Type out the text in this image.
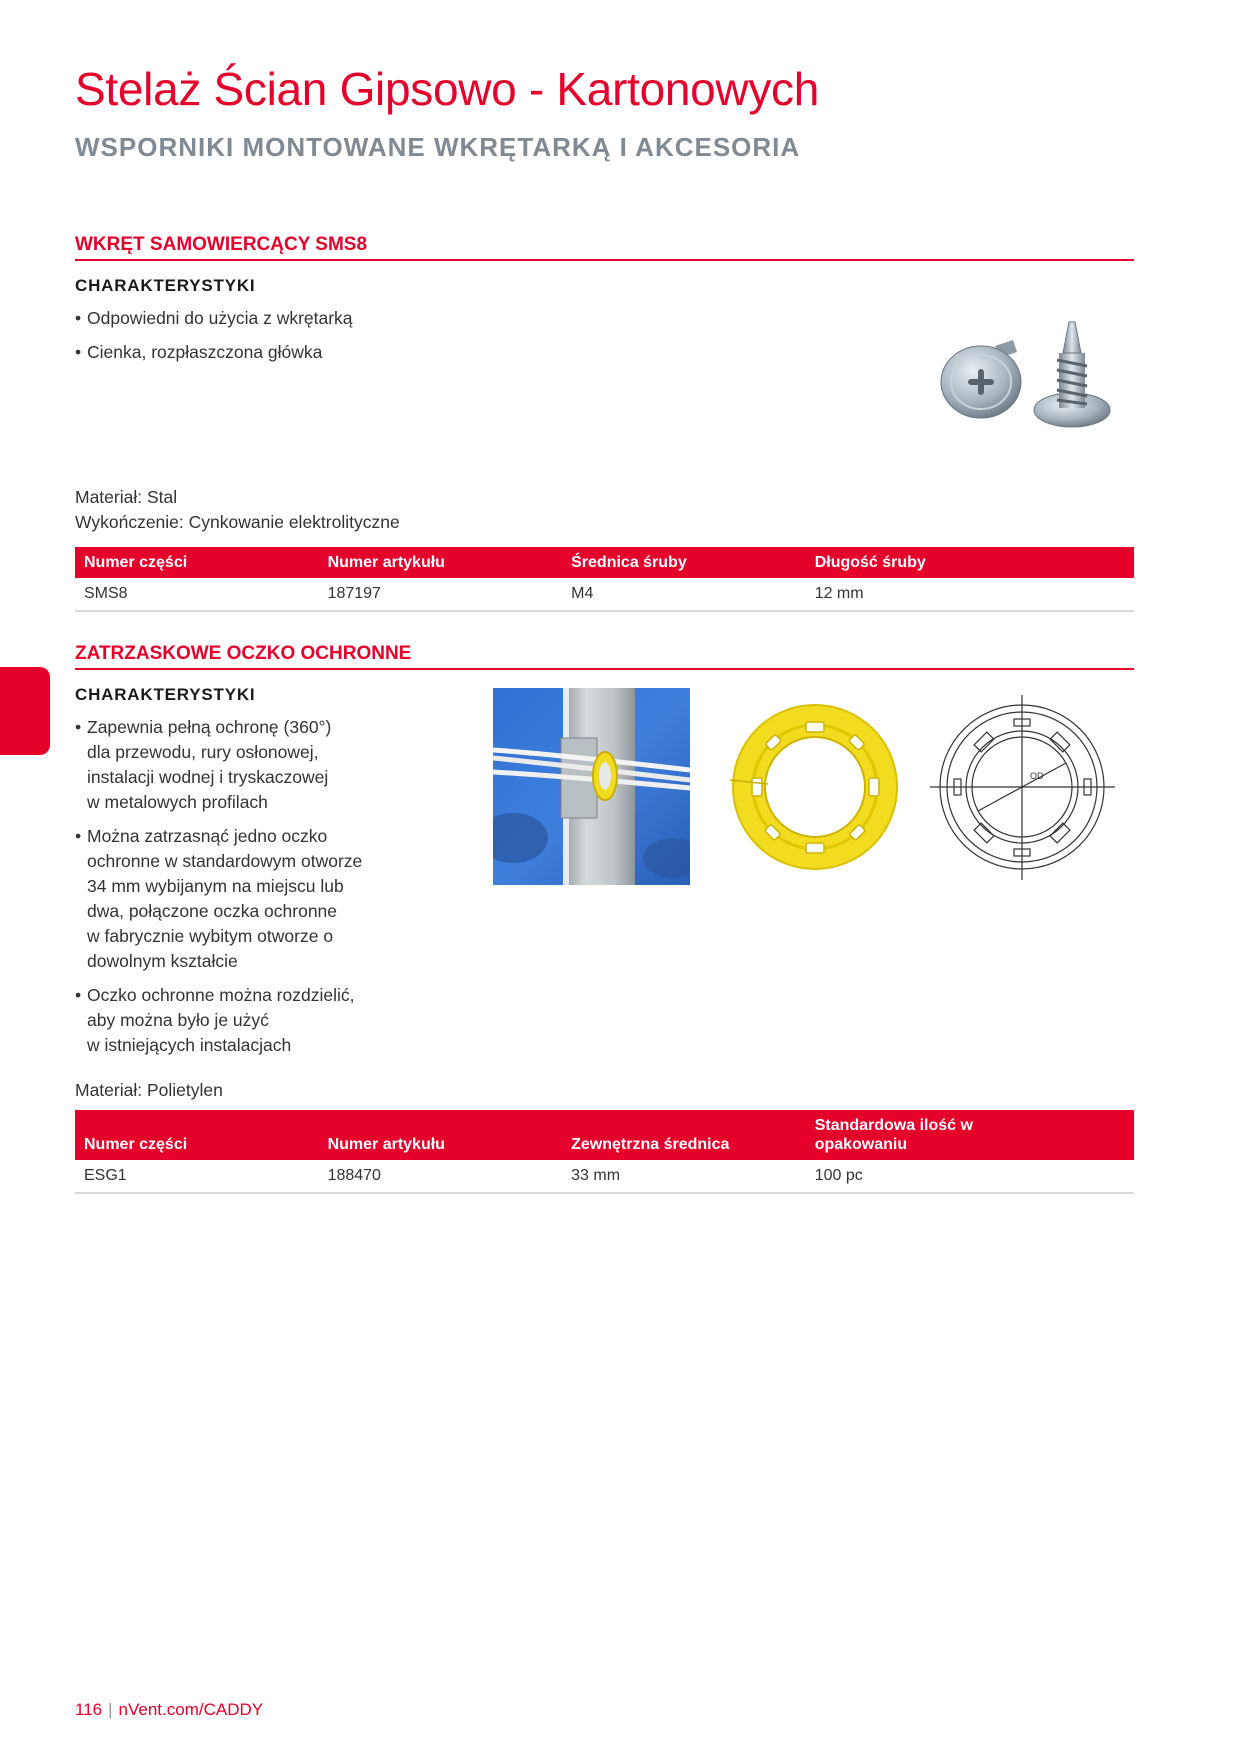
Stelaż Ścian Gipsowo - Kartonowych
WSPORNIKI MONTOWANE WKRĘTARKĄ I AKCESORIA
WKRĘT SAMOWIERCĄCY SMS8
CHARAKTERYSTYKI
• Odpowiedni do użycia z wkrętarką
• Cienka, rozpłaszczona główka
Materiał: Stal
Wykończenie: Cynkowanie elektrolityczne
Numer części	Numer artykułu	Średnica śruby	Długość śruby
SMS8	187197	M4	12 mm
ZATRZASKOWE OCZKO OCHRONNE
CHARAKTERYSTYKI
• Zapewnia pełną ochronę (360°)
dla przewodu, rury osłonowej,
instalacji wodnej i tryskaczowej
w metalowych profilach
• Można zatrzasnąć jedno oczko
ochronne w standardowym otworze
34 mm wybijanym na miejscu lub
dwa, połączone oczka ochronne
w fabrycznie wybitym otworze o
dowolnym kształcie
• Oczko ochronne można rozdzielić,
aby można było je użyć
w istniejących instalacjach
OD
Materiał: Polietylen
Numer części	Numer artykułu	Zewnętrzna średnica	Standardowa ilość w
opakowaniu
ESG1	188470	33 mm	100 pc
116 | nVent.com/CADDY
